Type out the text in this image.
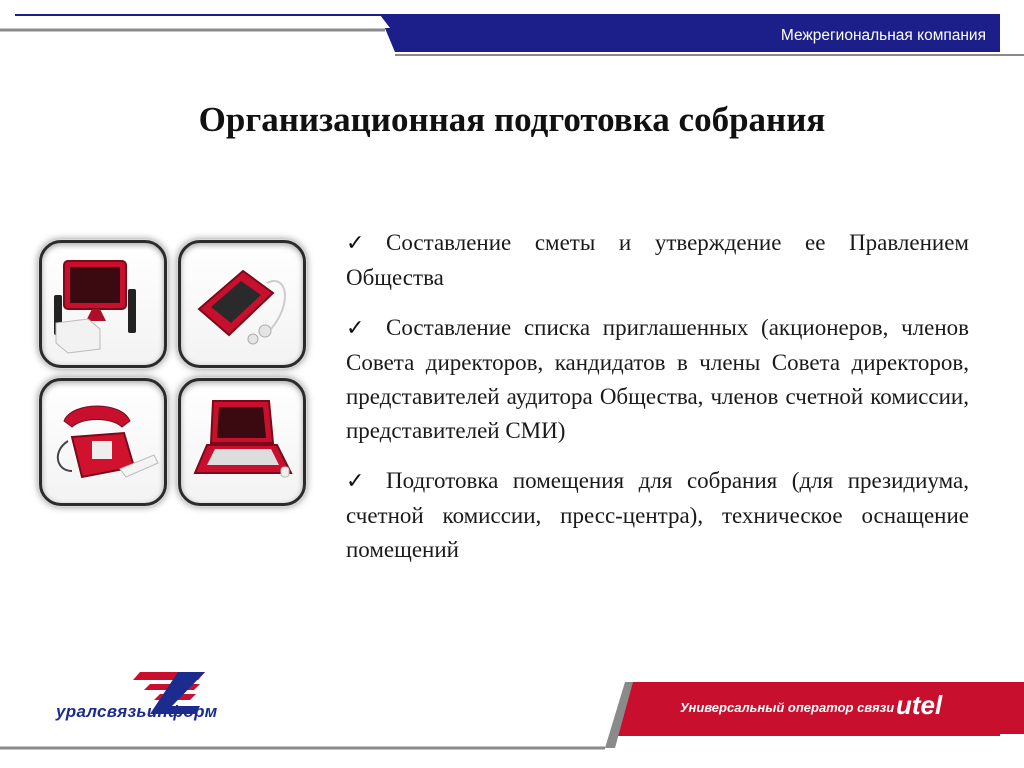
Межрегиональная компания
Организационная подготовка собрания
✓ Составление сметы и утверждение ее Правлением Общества
✓ Составление списка приглашенных (акционеров, членов Совета директоров, кандидатов в члены Совета директоров, представителей аудитора Общества, членов счетной комиссии, представителей СМИ)
✓ Подготовка помещения для собрания (для президиума, счетной комиссии, пресс-центра), техническое оснащение помещений
уралсвязьинформ	Универсальный оператор связи utel
